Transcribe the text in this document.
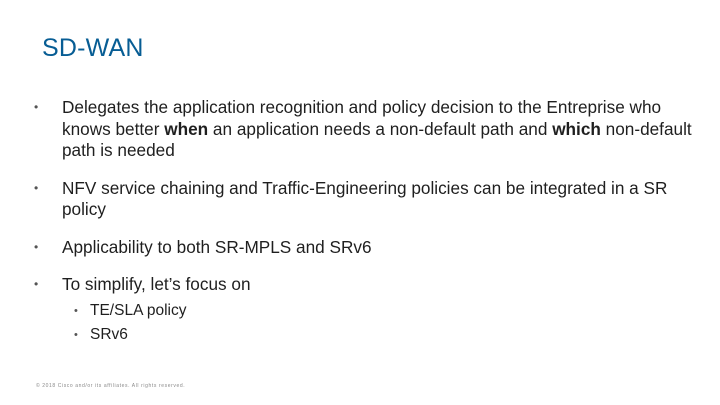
SD-WAN
• Delegates the application recognition and policy decision to the Entreprise who knows better when an application needs a non-default path and which non-default path is needed
• NFV service chaining and Traffic-Engineering policies can be integrated in a SR policy
• Applicability to both SR-MPLS and SRv6
• To simplify, let’s focus on
• TE/SLA policy
• SRv6
© 2018 Cisco and/or its affiliates. All rights reserved.
